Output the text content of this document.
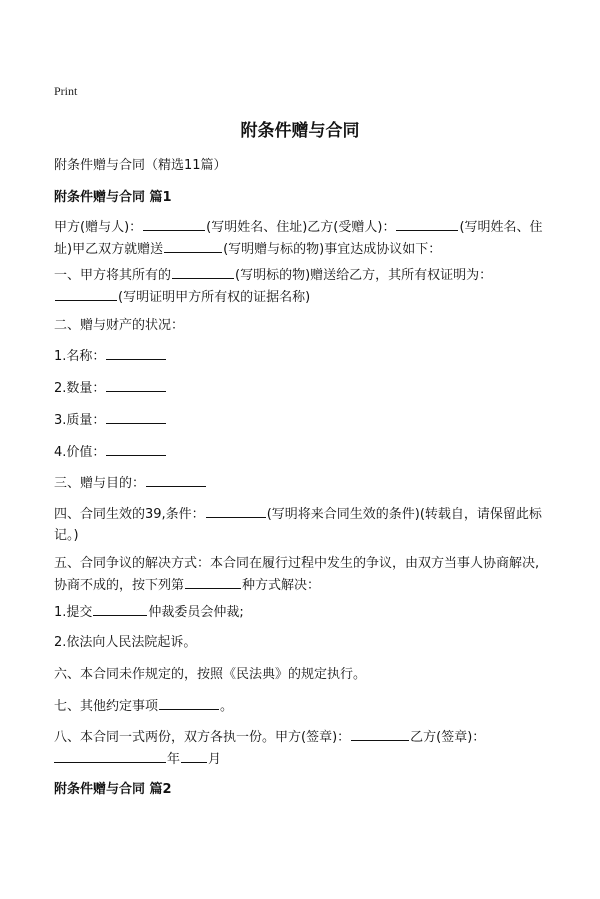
Print
附条件赠与合同
附条件赠与合同（精选11篇）
附条件赠与合同 篇1
甲方(赠与人)：	(写明姓名、住址)乙方(受赠人)：	(写明姓名、住址)甲乙双方就赠送	(写明赠与标的物)事宜达成协议如下：
一、甲方将其所有的	(写明标的物)赠送给乙方，其所有权证明为：(写明证明甲方所有权的证据名称)
二、赠与财产的状况：
1.名称：
2.数量：
3.质量：
4.价值：
三、赠与目的：
四、合同生效的39,条件：	(写明将来合同生效的条件)(转载自，请保留此标记。)
五、合同争议的解决方式：本合同在履行过程中发生的争议，由双方当事人协商解决,协商不成的，按下列第	种方式解决：
1.提交	仲裁委员会仲裁;
2.依法向人民法院起诉。
六、本合同未作规定的，按照《民法典》的规定执行。
七、其他约定事项	。
八、本合同一式两份，双方各执一份。甲方(签章)：	乙方(签章)：
年 月
附条件赠与合同 篇2
